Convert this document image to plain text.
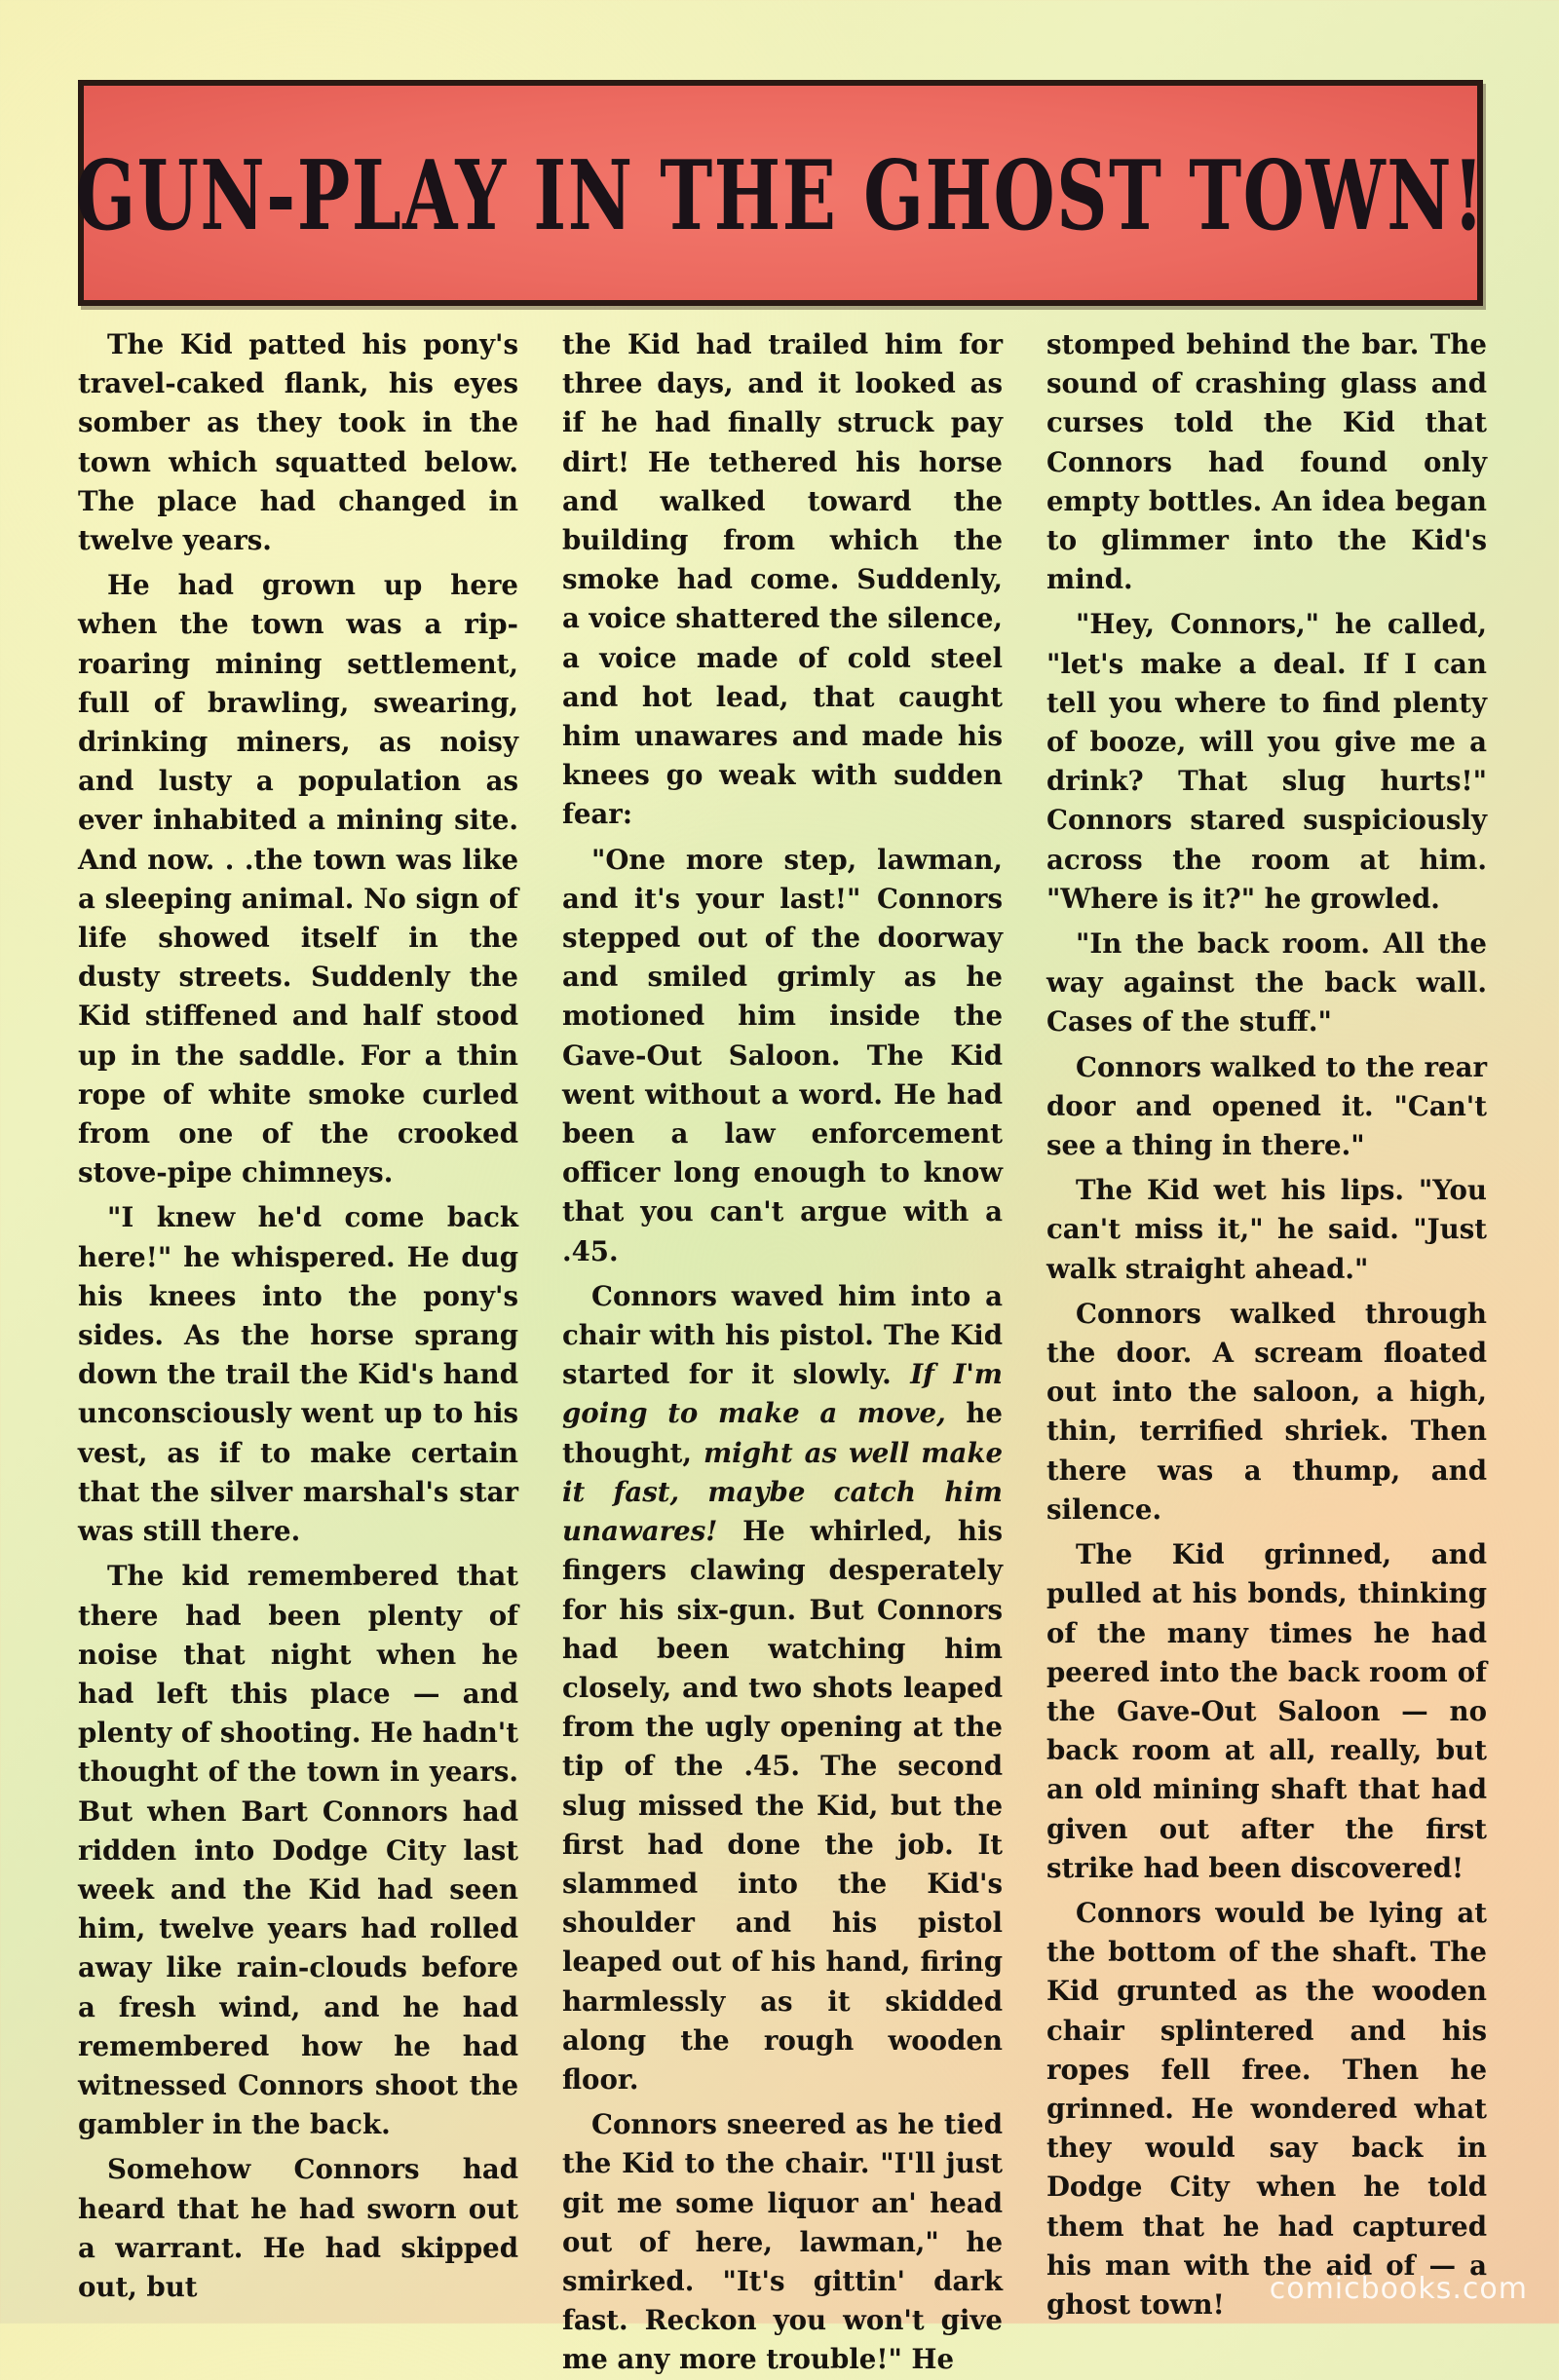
GUN-PLAY IN THE GHOST TOWN!

The Kid patted his pony's travel-caked flank, his eyes somber as they took in the town which squatted below. The place had changed in twelve years.

He had grown up here when the town was a rip-roaring mining settlement, full of brawling, swearing, drinking miners, as noisy and lusty a population as ever inhabited a mining site. And now. . .the town was like a sleeping animal. No sign of life showed itself in the dusty streets. Suddenly the Kid stiffened and half stood up in the saddle. For a thin rope of white smoke curled from one of the crooked stove-pipe chimneys.

"I knew he'd come back here!" he whispered. He dug his knees into the pony's sides. As the horse sprang down the trail the Kid's hand unconsciously went up to his vest, as if to make certain that the silver marshal's star was still there.

The kid remembered that there had been plenty of noise that night when he had left this place — and plenty of shooting. He hadn't thought of the town in years. But when Bart Connors had ridden into Dodge City last week and the Kid had seen him, twelve years had rolled away like rain-clouds before a fresh wind, and he had remembered how he had witnessed Connors shoot the gambler in the back.

Somehow Connors had heard that he had sworn out a warrant. He had skipped out, but

the Kid had trailed him for three days, and it looked as if he had finally struck pay dirt! He tethered his horse and walked toward the building from which the smoke had come. Suddenly, a voice shattered the silence, a voice made of cold steel and hot lead, that caught him unawares and made his knees go weak with sudden fear:

"One more step, lawman, and it's your last!" Connors stepped out of the doorway and smiled grimly as he motioned him inside the Gave-Out Saloon. The Kid went without a word. He had been a law enforcement officer long enough to know that you can't argue with a .45.

Connors waved him into a chair with his pistol. The Kid started for it slowly. If I'm going to make a move, he thought, might as well make it fast, maybe catch him unawares! He whirled, his fingers clawing desperately for his six-gun. But Connors had been watching him closely, and two shots leaped from the ugly opening at the tip of the .45. The second slug missed the Kid, but the first had done the job. It slammed into the Kid's shoulder and his pistol leaped out of his hand, firing harmlessly as it skidded along the rough wooden floor.

Connors sneered as he tied the Kid to the chair. "I'll just git me some liquor an' head out of here, lawman," he smirked. "It's gittin' dark fast. Reckon you won't give me any more trouble!" He

stomped behind the bar. The sound of crashing glass and curses told the Kid that Connors had found only empty bottles. An idea began to glimmer into the Kid's mind.

"Hey, Connors," he called, "let's make a deal. If I can tell you where to find plenty of booze, will you give me a drink? That slug hurts!" Connors stared suspiciously across the room at him. "Where is it?" he growled.

"In the back room. All the way against the back wall. Cases of the stuff."

Connors walked to the rear door and opened it. "Can't see a thing in there."

The Kid wet his lips. "You can't miss it," he said. "Just walk straight ahead."

Connors walked through the door. A scream floated out into the saloon, a high, thin, terrified shriek. Then there was a thump, and silence.

The Kid grinned, and pulled at his bonds, thinking of the many times he had peered into the back room of the Gave-Out Saloon — no back room at all, really, but an old mining shaft that had given out after the first strike had been discovered!

Connors would be lying at the bottom of the shaft. The Kid grunted as the wooden chair splintered and his ropes fell free. Then he grinned. He wondered what they would say back in Dodge City when he told them that he had captured his man with the aid of — a ghost town!	comicbooks.com
